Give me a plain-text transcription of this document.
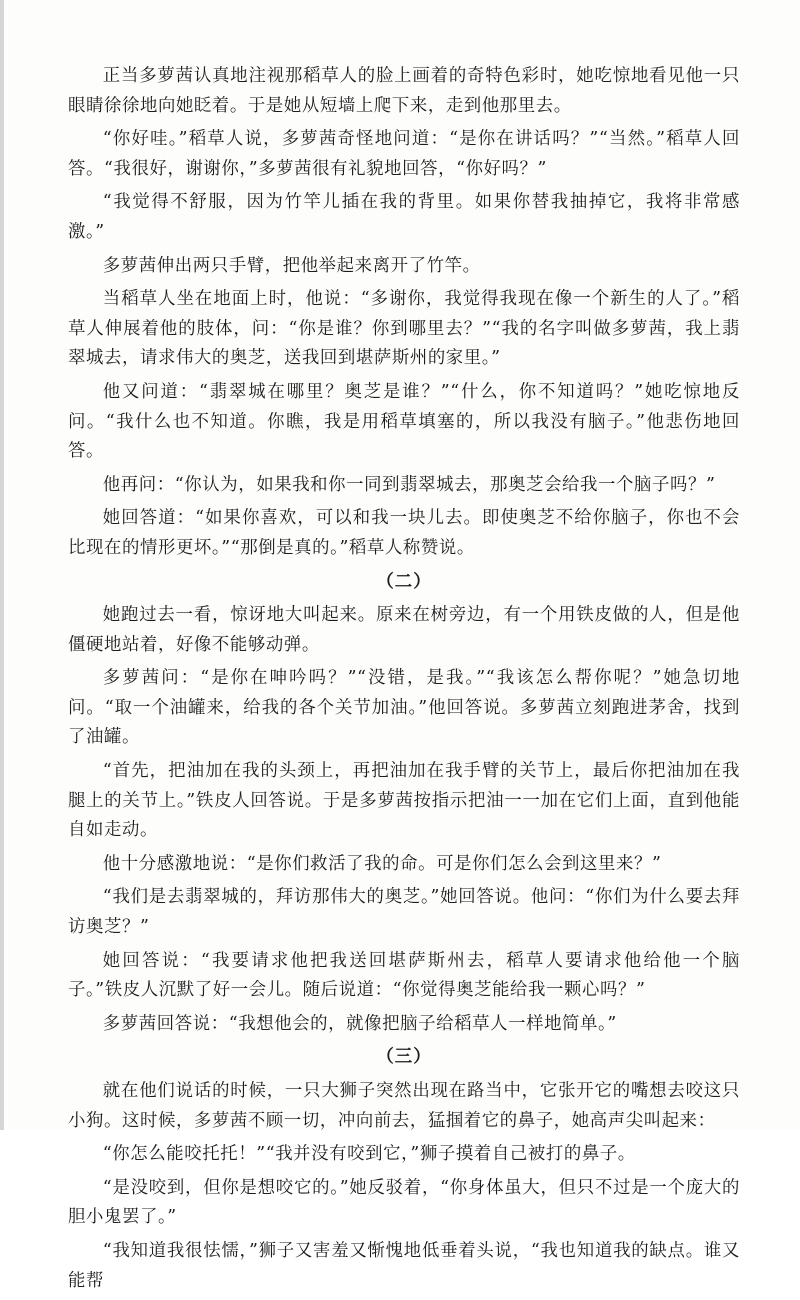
正当多萝茜认真地注视那稻草人的脸上画着的奇特色彩时，她吃惊地看见他一只眼睛徐徐地向她眨着。于是她从短墙上爬下来，走到他那里去。

“你好哇。”稻草人说，多萝茜奇怪地问道：“是你在讲话吗？”“当然。”稻草人回答。“我很好，谢谢你，”多萝茜很有礼貌地回答，“你好吗？”

“我觉得不舒服，因为竹竿儿插在我的背里。如果你替我抽掉它，我将非常感激。”

多萝茜伸出两只手臂，把他举起来离开了竹竿。

当稻草人坐在地面上时，他说：“多谢你，我觉得我现在像一个新生的人了。”稻草人伸展着他的肢体，问：“你是谁？你到哪里去？”“我的名字叫做多萝茜，我上翡翠城去，请求伟大的奥芝，送我回到堪萨斯州的家里。”

他又问道：“翡翠城在哪里？奥芝是谁？”“什么，你不知道吗？”她吃惊地反问。“我什么也不知道。你瞧，我是用稻草填塞的，所以我没有脑子。”他悲伤地回答。

他再问：“你认为，如果我和你一同到翡翠城去，那奥芝会给我一个脑子吗？”

她回答道：“如果你喜欢，可以和我一块儿去。即使奥芝不给你脑子，你也不会比现在的情形更坏。”“那倒是真的。”稻草人称赞说。

（二）

她跑过去一看，惊讶地大叫起来。原来在树旁边，有一个用铁皮做的人，但是他僵硬地站着，好像不能够动弹。

多萝茜问：“是你在呻吟吗？”“没错，是我。”“我该怎么帮你呢？”她急切地问。“取一个油罐来，给我的各个关节加油。”他回答说。多萝茜立刻跑进茅舍，找到了油罐。

“首先，把油加在我的头颈上，再把油加在我手臂的关节上，最后你把油加在我腿上的关节上。”铁皮人回答说。于是多萝茜按指示把油一一加在它们上面，直到他能自如走动。

他十分感激地说：“是你们救活了我的命。可是你们怎么会到这里来？”

“我们是去翡翠城的，拜访那伟大的奥芝。”她回答说。他问：“你们为什么要去拜访奥芝？”

她回答说：“我要请求他把我送回堪萨斯州去，稻草人要请求他给他一个脑子。”铁皮人沉默了好一会儿。随后说道：“你觉得奥芝能给我一颗心吗？”

多萝茜回答说：“我想他会的，就像把脑子给稻草人一样地简单。”

（三）

就在他们说话的时候，一只大狮子突然出现在路当中，它张开它的嘴想去咬这只小狗。这时候，多萝茜不顾一切，冲向前去，猛掴着它的鼻子，她高声尖叫起来：

“你怎么能咬托托！”“我并没有咬到它，”狮子摸着自己被打的鼻子。

“是没咬到，但你是想咬它的。”她反驳着，“你身体虽大，但只不过是一个庞大的胆小鬼罢了。”

“我知道我很怯懦，”狮子又害羞又惭愧地低垂着头说，“我也知道我的缺点。谁又能帮
